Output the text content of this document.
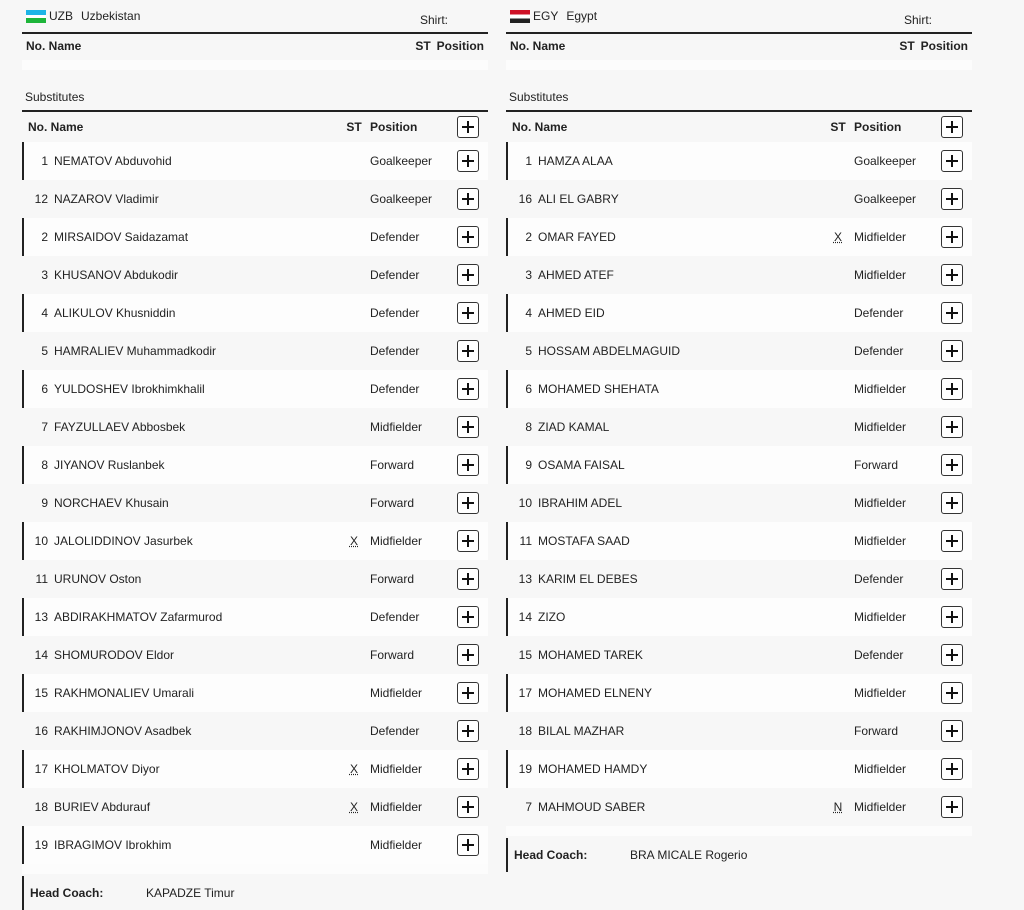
UZB Uzbekistan	Shirt:
No. Name	ST Position
Substitutes
No. Name	ST Position
1 NEMATOV Abduvohid	Goalkeeper
12 NAZAROV Vladimir	Goalkeeper
2 MIRSAIDOV Saidazamat	Defender
3 KHUSANOV Abdukodir	Defender
4 ALIKULOV Khusniddin	Defender
5 HAMRALIEV Muhammadkodir	Defender
6 YULDOSHEV Ibrokhimkhalil	Defender
7 FAYZULLAEV Abbosbek	Midfielder
8 JIYANOV Ruslanbek	Forward
9 NORCHAEV Khusain	Forward
10 JALOLIDDINOV Jasurbek	X	Midfielder
11 URUNOV Oston	Forward
13 ABDIRAKHMATOV Zafarmurod	Defender
14 SHOMURODOV Eldor	Forward
15 RAKHMONALIEV Umarali	Midfielder
16 RAKHIMJONOV Asadbek	Defender
17 KHOLMATOV Diyor	X	Midfielder
18 BURIEV Abdurauf	X	Midfielder
19 IBRAGIMOV Ibrokhim	Midfielder
Head Coach:	KAPADZE Timur
EGY Egypt	Shirt:
No. Name	ST Position
Substitutes
No. Name	ST Position
1 HAMZA ALAA	Goalkeeper
16 ALI EL GABRY	Goalkeeper
2 OMAR FAYED	X	Midfielder
3 AHMED ATEF	Midfielder
4 AHMED EID	Defender
5 HOSSAM ABDELMAGUID	Defender
6 MOHAMED SHEHATA	Midfielder
8 ZIAD KAMAL	Midfielder
9 OSAMA FAISAL	Forward
10 IBRAHIM ADEL	Midfielder
11 MOSTAFA SAAD	Midfielder
13 KARIM EL DEBES	Defender
14 ZIZO	Midfielder
15 MOHAMED TAREK	Defender
17 MOHAMED ELNENY	Midfielder
18 BILAL MAZHAR	Forward
19 MOHAMED HAMDY	Midfielder
7 MAHMOUD SABER	N Midfielder
Head Coach:	BRA MICALE Rogerio
